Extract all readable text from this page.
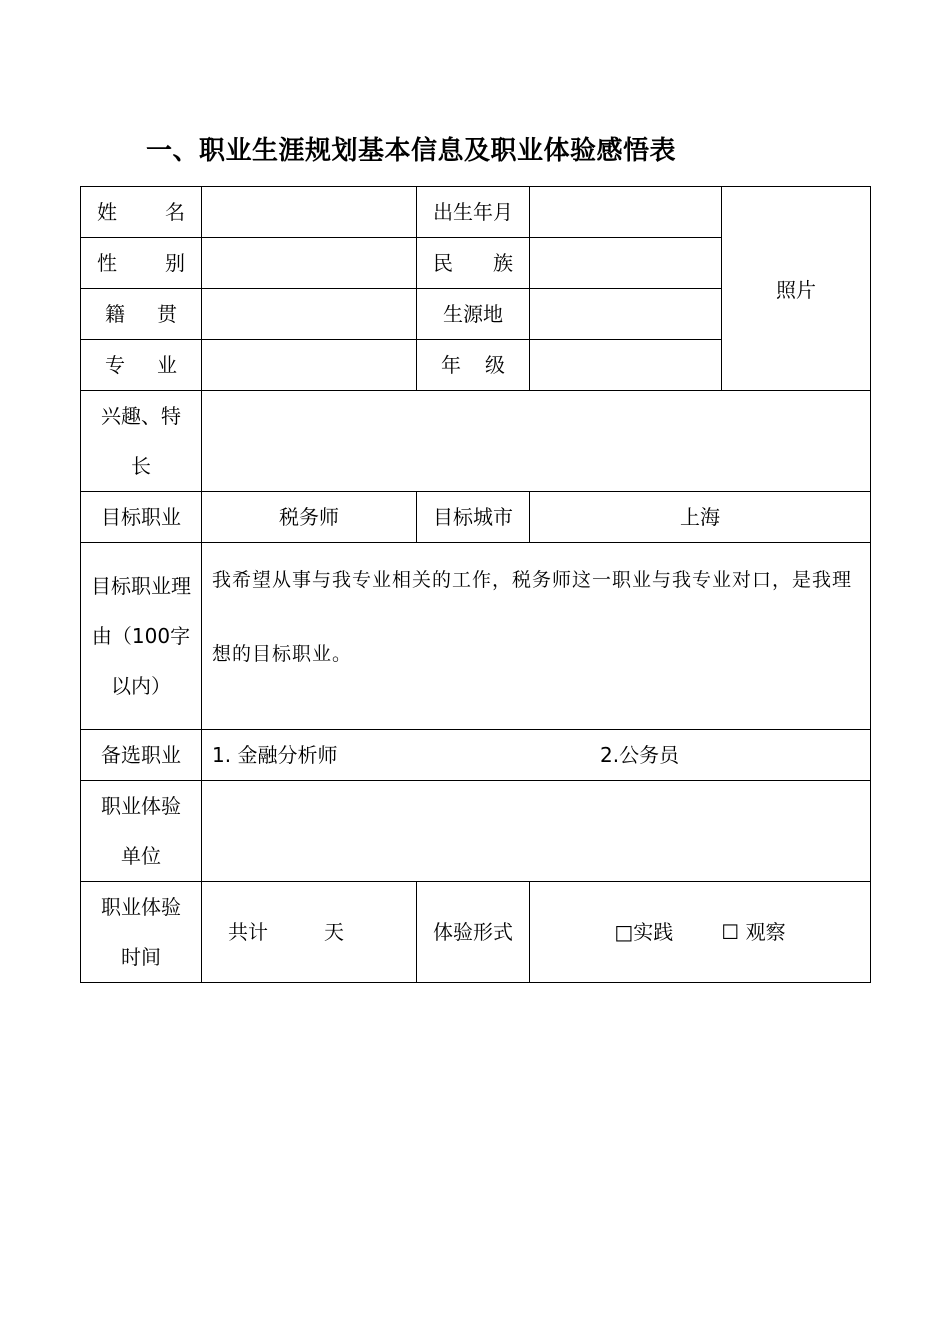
一、职业生涯规划基本信息及职业体验感悟表
姓 名		出生年月		照片

性 别		民 族		

籍 贯		生源地		

专 业		年 级		

兴趣、特长				

目标职业	税务师	目标城市	上海	

目标职业理由（100字以内）	我希望从事与我专业相关的工作，税务师这一职业与我专业对口，是我理想的目标职业。			
备选职业	1. 金融分析师 2.公务员			

职业体验单位				

职业体验时间	共计 天	体验形式	□实践 ☐ 观察	
